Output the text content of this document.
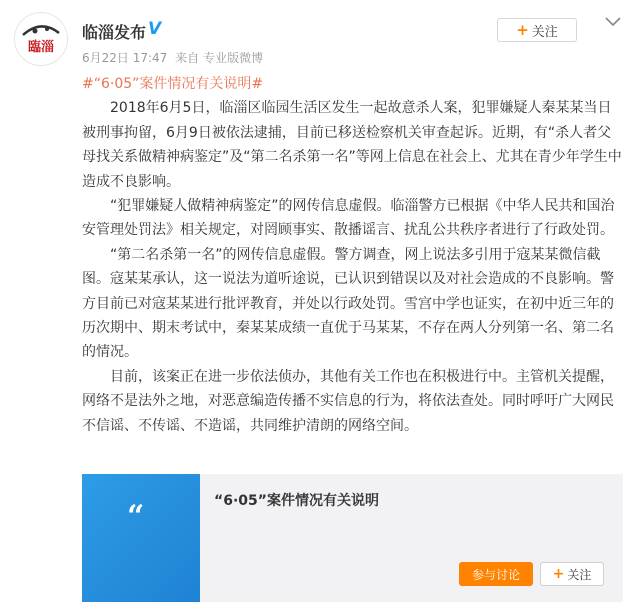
臨淄
临淄发布 V
6月22日 17:47 来自 专业版微博
+ 关注
#“6·05”案件情况有关说明#

2018年6月5日，临淄区临园生活区发生一起故意杀人案，犯罪嫌疑人秦某某当日被刑事拘留，6月9日被依法逮捕，目前已移送检察机关审查起诉。近期，有“杀人者父母找关系做精神病鉴定”及“第二名杀第一名”等网上信息在社会上、尤其在青少年学生中造成不良影响。

“犯罪嫌疑人做精神病鉴定”的网传信息虚假。临淄警方已根据《中华人民共和国治安管理处罚法》相关规定，对罔顾事实、散播谣言、扰乱公共秩序者进行了行政处罚。

“第二名杀第一名”的网传信息虚假。警方调查，网上说法多引用于寇某某微信截图。寇某某承认，这一说法为道听途说，已认识到错误以及对社会造成的不良影响。警方目前已对寇某某进行批评教育，并处以行政处罚。雪宫中学也证实，在初中近三年的历次期中、期末考试中，秦某某成绩一直优于马某某，不存在两人分列第一名、第二名的情况。

目前，该案正在进一步依法侦办，其他有关工作也在积极进行中。主管机关提醒，网络不是法外之地，对恶意编造传播不实信息的行为，将依法查处。同时呼吁广大网民不信谣、不传谣、不造谣，共同维护清朗的网络空间。

“	“6·05”案件情况有关说明
参与讨论	+ 关注
